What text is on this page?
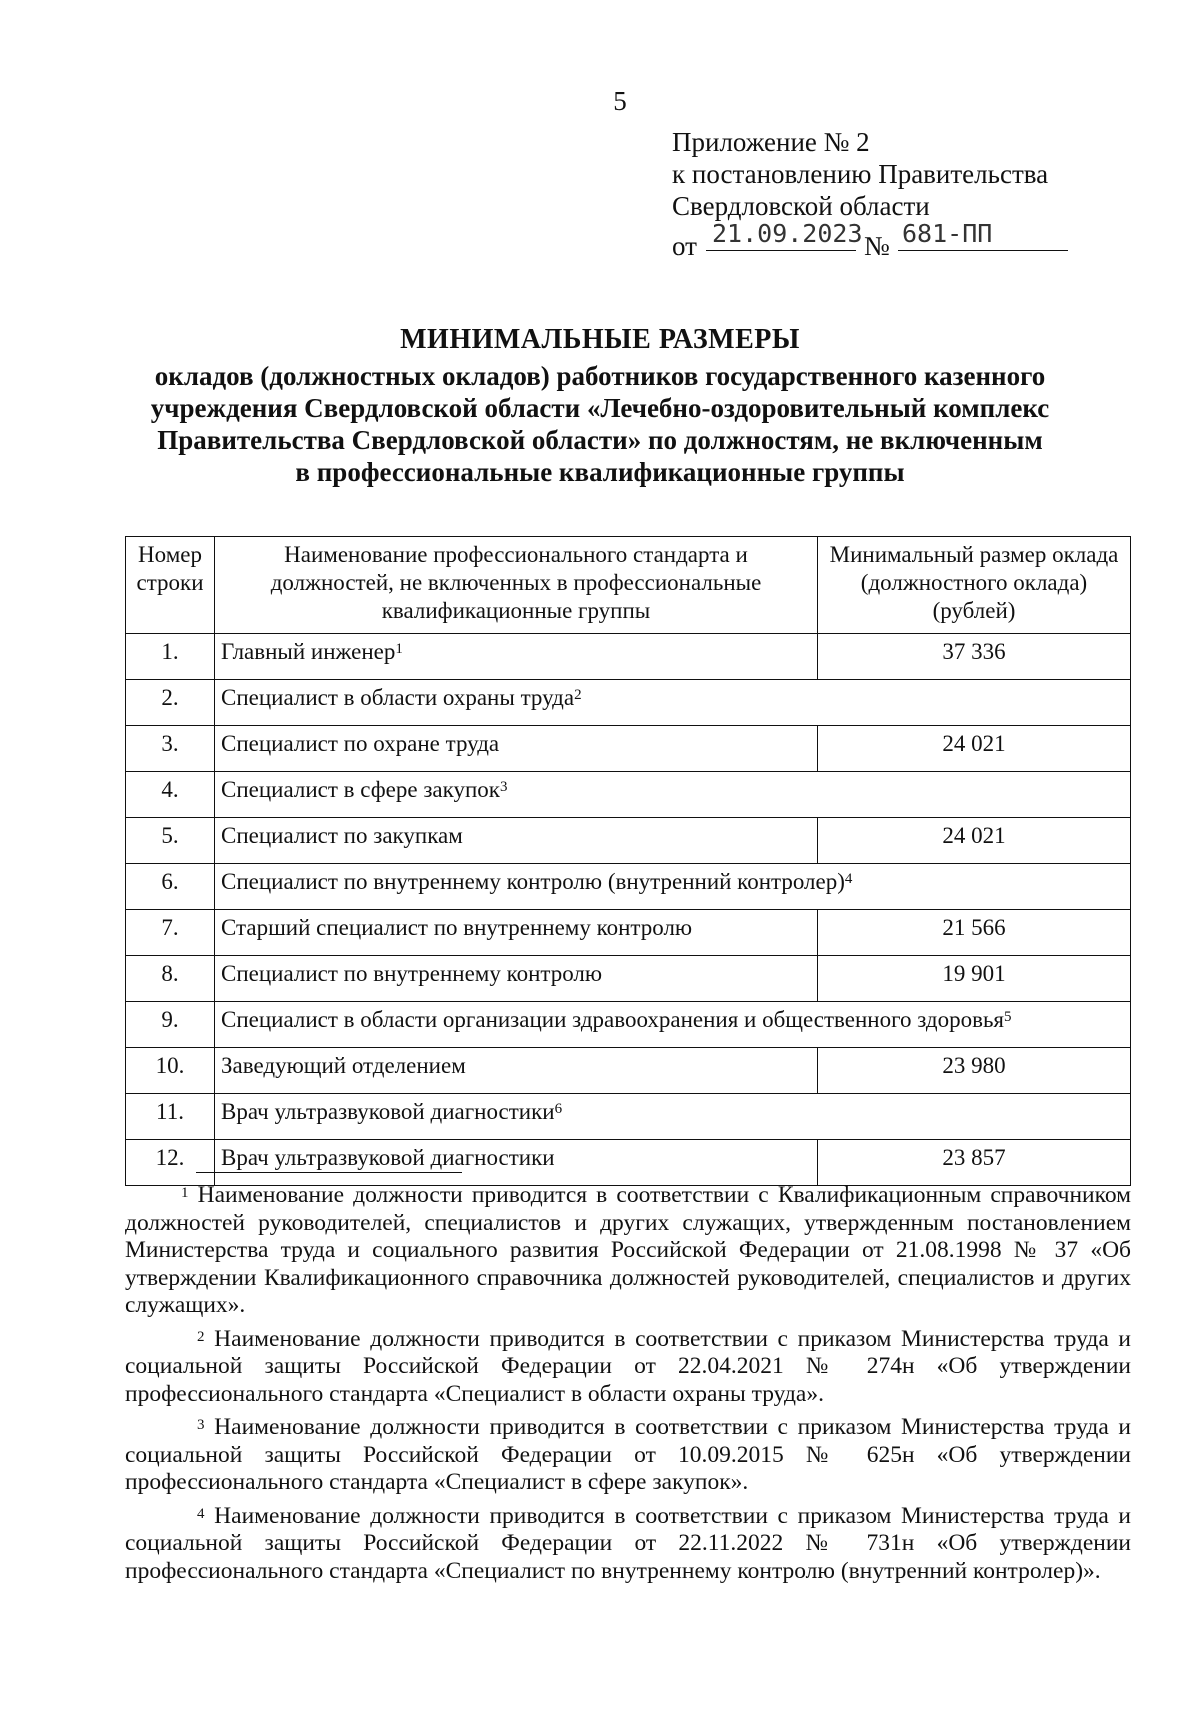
5
Приложение № 2
к постановлению Правительства
Свердловской области
от 21.09.2023 № 681-ПП
МИНИМАЛЬНЫЕ РАЗМЕРЫ
окладов (должностных окладов) работников государственного казенного
учреждения Свердловской области «Лечебно-оздоровительный комплекс
Правительства Свердловской области» по должностям, не включенным
в профессиональные квалификационные группы
Номер строки	Наименование профессионального стандарта и должностей, не включенных в профессиональные квалификационные группы	Минимальный размер оклада (должностного оклада) (рублей)
1.	Главный инженер$^1$	37 336
2.	Специалист в области охраны труда$^2$
3.	Специалист по охране труда	24 021
4.	Специалист в сфере закупок$^3$
5.	Специалист по закупкам	24 021
6.	Специалист по внутреннему контролю (внутренний контролер)$^4$
7.	Старший специалист по внутреннему контролю	21 566
8.	Специалист по внутреннему контролю	19 901
9.	Специалист в области организации здравоохранения и общественного здоровья$^5$
10.	Заведующий отделением	23 980
11.	Врач ультразвуковой диагностики$^6$
12.	Врач ультразвуковой диагностики	23 857

$^1$ Наименование должности приводится в соответствии с Квалификационным справочником должностей руководителей, специалистов и других служащих, утвержденным постановлением Министерства труда и социального развития Российской Федерации от 21.08.1998 № 37 «Об утверждении Квалификационного справочника должностей руководителей, специалистов и других служащих».

$^2$ Наименование должности приводится в соответствии с приказом Министерства труда и социальной защиты Российской Федерации от 22.04.2021 № 274н «Об утверждении профессионального стандарта «Специалист в области охраны труда».

$^3$ Наименование должности приводится в соответствии с приказом Министерства труда и социальной защиты Российской Федерации от 10.09.2015 № 625н «Об утверждении профессионального стандарта «Специалист в сфере закупок».

$^4$ Наименование должности приводится в соответствии с приказом Министерства труда и социальной защиты Российской Федерации от 22.11.2022 № 731н «Об утверждении профессионального стандарта «Специалист по внутреннему контролю (внутренний контролер)».
